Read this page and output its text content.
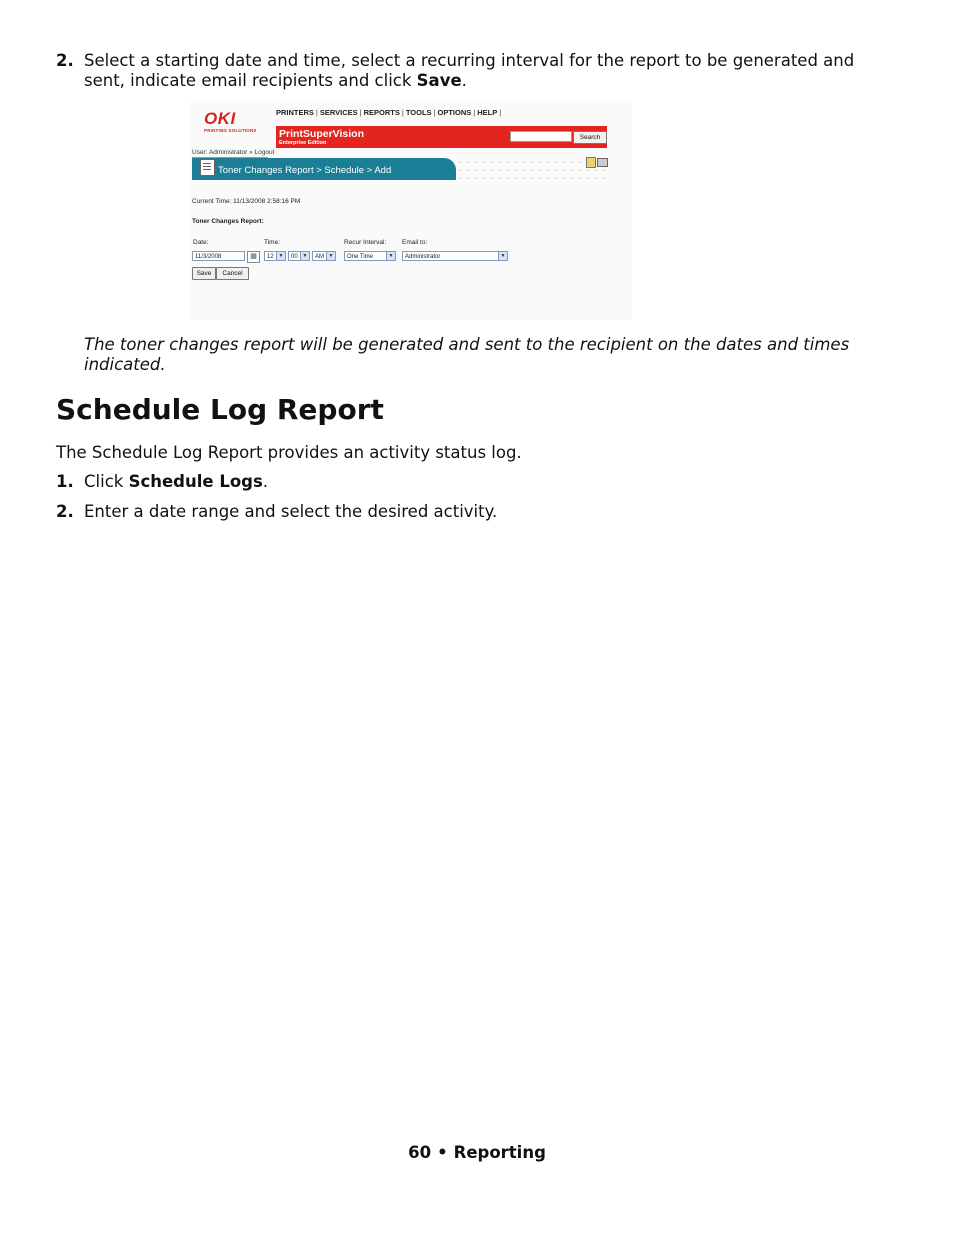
2. Select a starting date and time, select a recurring interval for the report to be generated and
sent, indicate email recipients and click Save.
OKI
PRINTING SOLUTIONS
PRINTERS | SERVICES | REPORTS | TOOLS | OPTIONS | HELP |
PrintSuperVision
Enterprise Edition
Search
User: Administrator » Logout
Toner Changes Report > Schedule > Add
Current Time: 11/13/2008 2:58:16 PM
Toner Changes Report:
Date:	Time:	Recur Interval: Email to:
11/3/2008	▦	12 ▼	00 ▼	AM ▼	One Time	▼	Administrator	▼
Save	Cancel
The toner changes report will be generated and sent to the recipient on the dates and times
indicated.
Schedule Log Report
The Schedule Log Report provides an activity status log.
1. Click Schedule Logs.
2. Enter a date range and select the desired activity.
60 • Reporting
